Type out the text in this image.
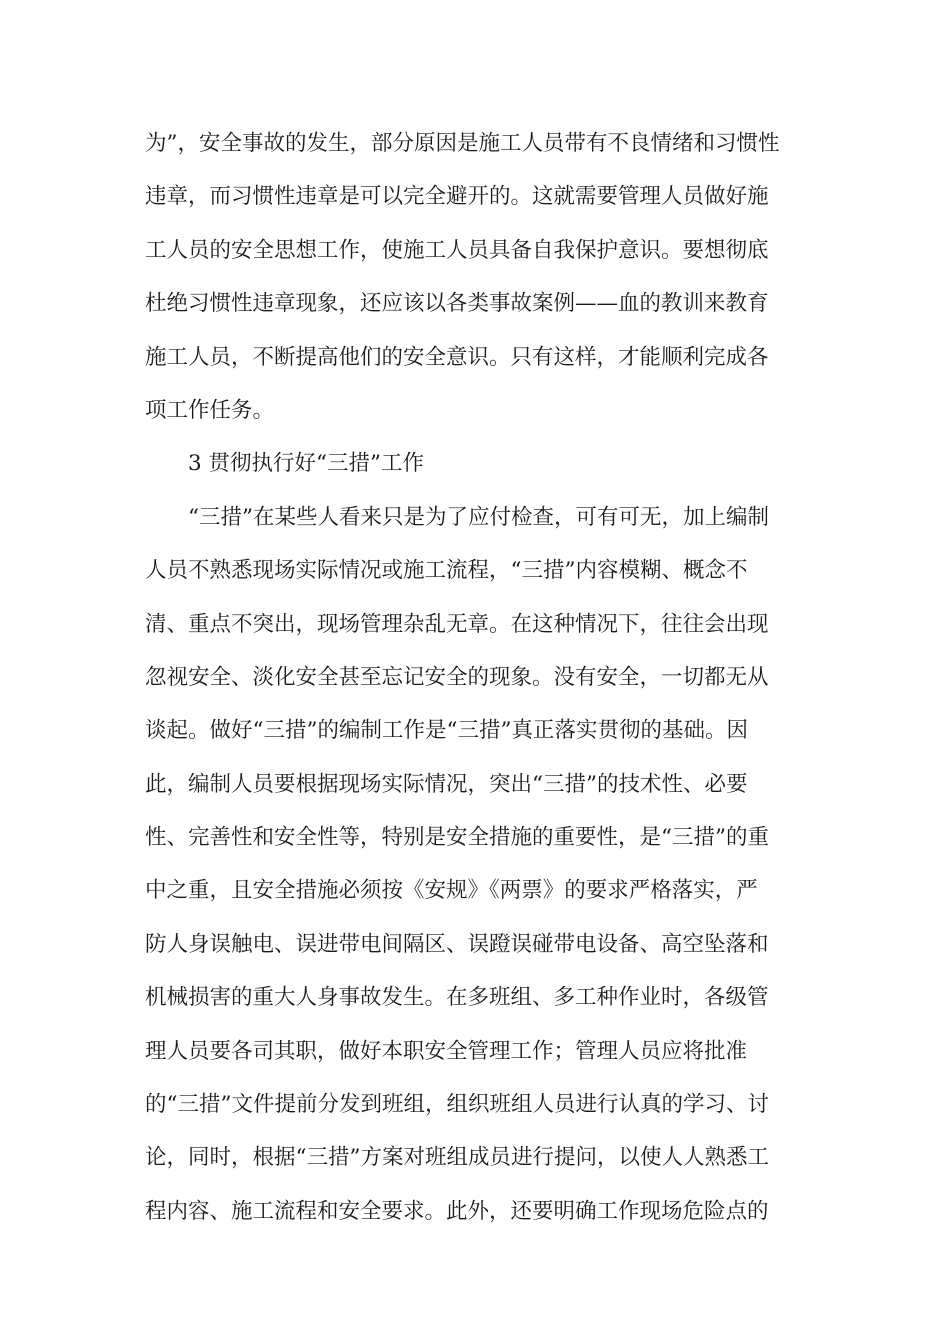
为”，安全事故的发生，部分原因是施工人员带有不良情绪和习惯性
违章，而习惯性违章是可以完全避开的。这就需要管理人员做好施
工人员的安全思想工作，使施工人员具备自我保护意识。要想彻底
杜绝习惯性违章现象，还应该以各类事故案例——血的教训来教育
施工人员，不断提高他们的安全意识。只有这样，才能顺利完成各
项工作任务。
3 贯彻执行好“三措”工作
“三措”在某些人看来只是为了应付检查，可有可无，加上编制
人员不熟悉现场实际情况或施工流程，“三措”内容模糊、概念不
清、重点不突出，现场管理杂乱无章。在这种情况下，往往会出现
忽视安全、淡化安全甚至忘记安全的现象。没有安全，一切都无从
谈起。做好“三措”的编制工作是“三措”真正落实贯彻的基础。因
此，编制人员要根据现场实际情况，突出“三措”的技术性、必要
性、完善性和安全性等，特别是安全措施的重要性，是“三措”的重
中之重，且安全措施必须按《安规》《两票》的要求严格落实，严
防人身误触电、误进带电间隔区、误蹬误碰带电设备、高空坠落和
机械损害的重大人身事故发生。在多班组、多工种作业时，各级管
理人员要各司其职，做好本职安全管理工作；管理人员应将批准
的“三措”文件提前分发到班组，组织班组人员进行认真的学习、讨
论，同时，根据“三措”方案对班组成员进行提问，以使人人熟悉工
程内容、施工流程和安全要求。此外，还要明确工作现场危险点的
